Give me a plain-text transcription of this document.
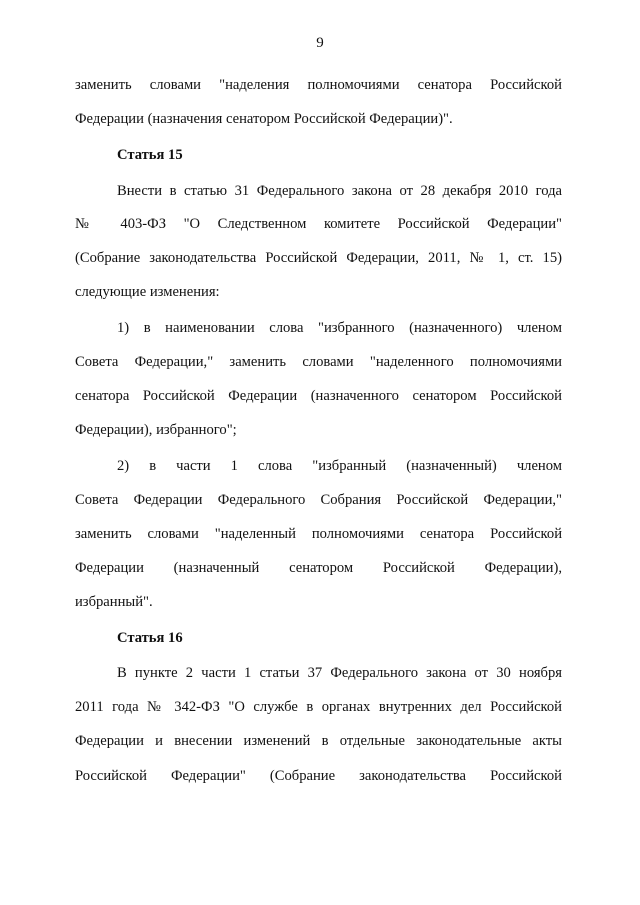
9
заменить словами "наделения полномочиями сенатора Российской
Федерации (назначения сенатором Российской Федерации)".
Статья 15
Внести в статью 31 Федерального закона от 28 декабря 2010 года
№ 403-ФЗ "О Следственном комитете Российской Федерации"
(Собрание законодательства Российской Федерации, 2011, № 1, ст. 15)
следующие изменения:
1) в наименовании слова "избранного (назначенного) членом
Совета Федерации," заменить словами "наделенного полномочиями
сенатора Российской Федерации (назначенного сенатором Российской
Федерации), избранного";
2) в части 1 слова "избранный (назначенный) членом
Совета Федерации Федерального Собрания Российской Федерации,"
заменить словами "наделенный полномочиями сенатора Российской
Федерации (назначенный сенатором Российской Федерации),
избранный".
Статья 16
В пункте 2 части 1 статьи 37 Федерального закона от 30 ноября
2011 года № 342-ФЗ "О службе в органах внутренних дел Российской
Федерации и внесении изменений в отдельные законодательные акты
Российской Федерации" (Собрание законодательства Российской
